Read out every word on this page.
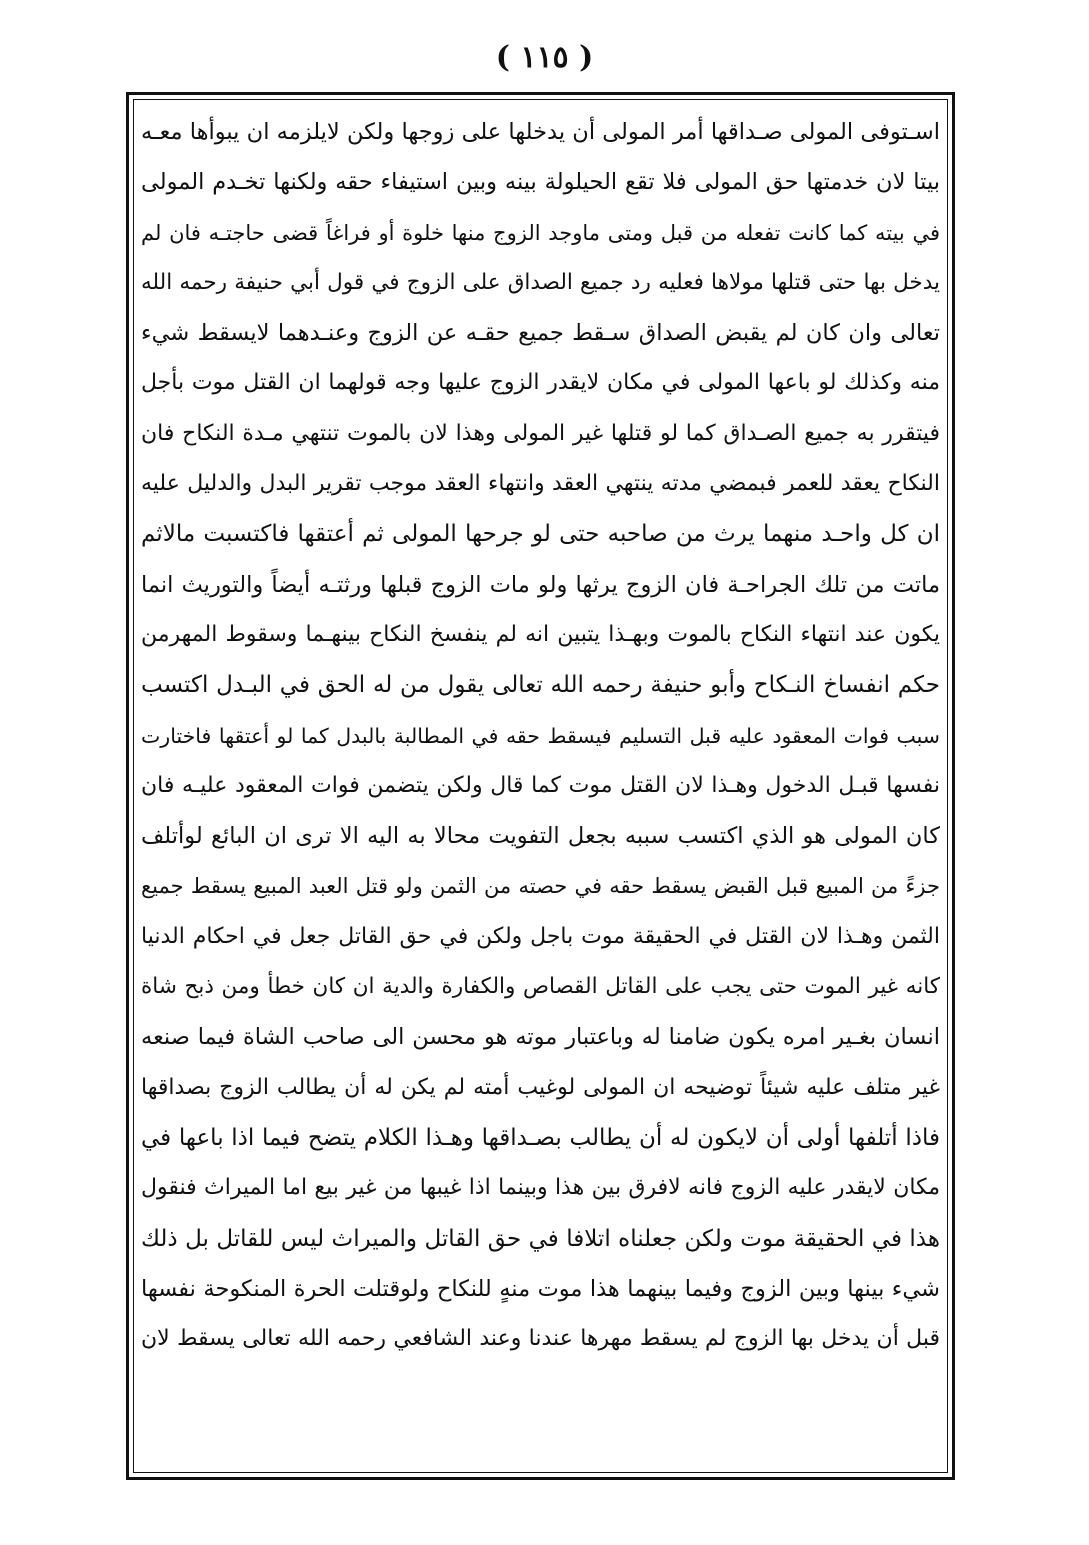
( ١١٥ )
اسـتوفى المولى صـداقها أمر المولى أن يدخلها على زوجها ولكن لايلزمه ان يبوأها معـه
بيتا لان خدمتها حق المولى فلا تقع الحيلولة بينه وبين استيفاء حقه ولكنها تخـدم المولى
في بيته كما كانت تفعله من قبل ومتى ماوجد الزوج منها خلوة أو فراغاً قضى حاجتـه فان لم
يدخل بها حتى قتلها مولاها فعليه رد جميع الصداق على الزوج في قول أبي حنيفة رحمه الله
تعالى وان كان لم يقبض الصداق سـقط جميع حقـه عن الزوج وعنـدهما لايسقط شيء
منه وكذلك لو باعها المولى في مكان لايقدر الزوج عليها وجه قولهما ان القتل موت بأجل
فيتقرر به جميع الصـداق كما لو قتلها غير المولى وهذا لان بالموت تنتهي مـدة النكاح فان
النكاح يعقد للعمر فبمضي مدته ينتهي العقد وانتهاء العقد موجب تقرير البدل والدليل عليه
ان كل واحـد منهما يرث من صاحبه حتى لو جرحها المولى ثم أعتقها فاكتسبت مالاثم
ماتت من تلك الجراحـة فان الزوج يرثها ولو مات الزوج قبلها ورثتـه أيضاً والتوريث انما
يكون عند انتهاء النكاح بالموت وبهـذا يتبين انه لم ينفسخ النكاح بينهـما وسقوط المهرمن
حكم انفساخ النـكاح وأبو حنيفة رحمه الله تعالى يقول من له الحق في البـدل اكتسب
سبب فوات المعقود عليه قبل التسليم فيسقط حقه في المطالبة بالبدل كما لو أعتقها فاختارت
نفسها قبـل الدخول وهـذا لان القتل موت كما قال ولكن يتضمن فوات المعقود عليـه فان
كان المولى هو الذي اكتسب سببه بجعل التفويت محالا به اليه الا ترى ان البائع لوأتلف
جزءً من المبيع قبل القبض يسقط حقه في حصته من الثمن ولو قتل العبد المبيع يسقط جميع
الثمن وهـذا لان القتل في الحقيقة موت باجل ولكن في حق القاتل جعل في احكام الدنيا
كانه غير الموت حتى يجب على القاتل القصاص والكفارة والدية ان كان خطأ ومن ذبح شاة
انسان بغـير امره يكون ضامنا له وباعتبار موته هو محسن الى صاحب الشاة فيما صنعه
غير متلف عليه شيئاً توضيحه ان المولى لوغيب أمته لم يكن له أن يطالب الزوج بصداقها
فاذا أتلفها أولى أن لايكون له أن يطالب بصـداقها وهـذا الكلام يتضح فيما اذا باعها في
مكان لايقدر عليه الزوج فانه لافرق بين هذا وبينما اذا غيبها من غير بيع اما الميراث فنقول
هذا في الحقيقة موت ولكن جعلناه اتلافا في حق القاتل والميراث ليس للقاتل بل ذلك
شيء بينها وبين الزوج وفيما بينهما هذا موت منهٍ للنكاح ولوقتلت الحرة المنكوحة نفسها
قبل أن يدخل بها الزوج لم يسقط مهرها عندنا وعند الشافعي رحمه الله تعالى يسقط لان
